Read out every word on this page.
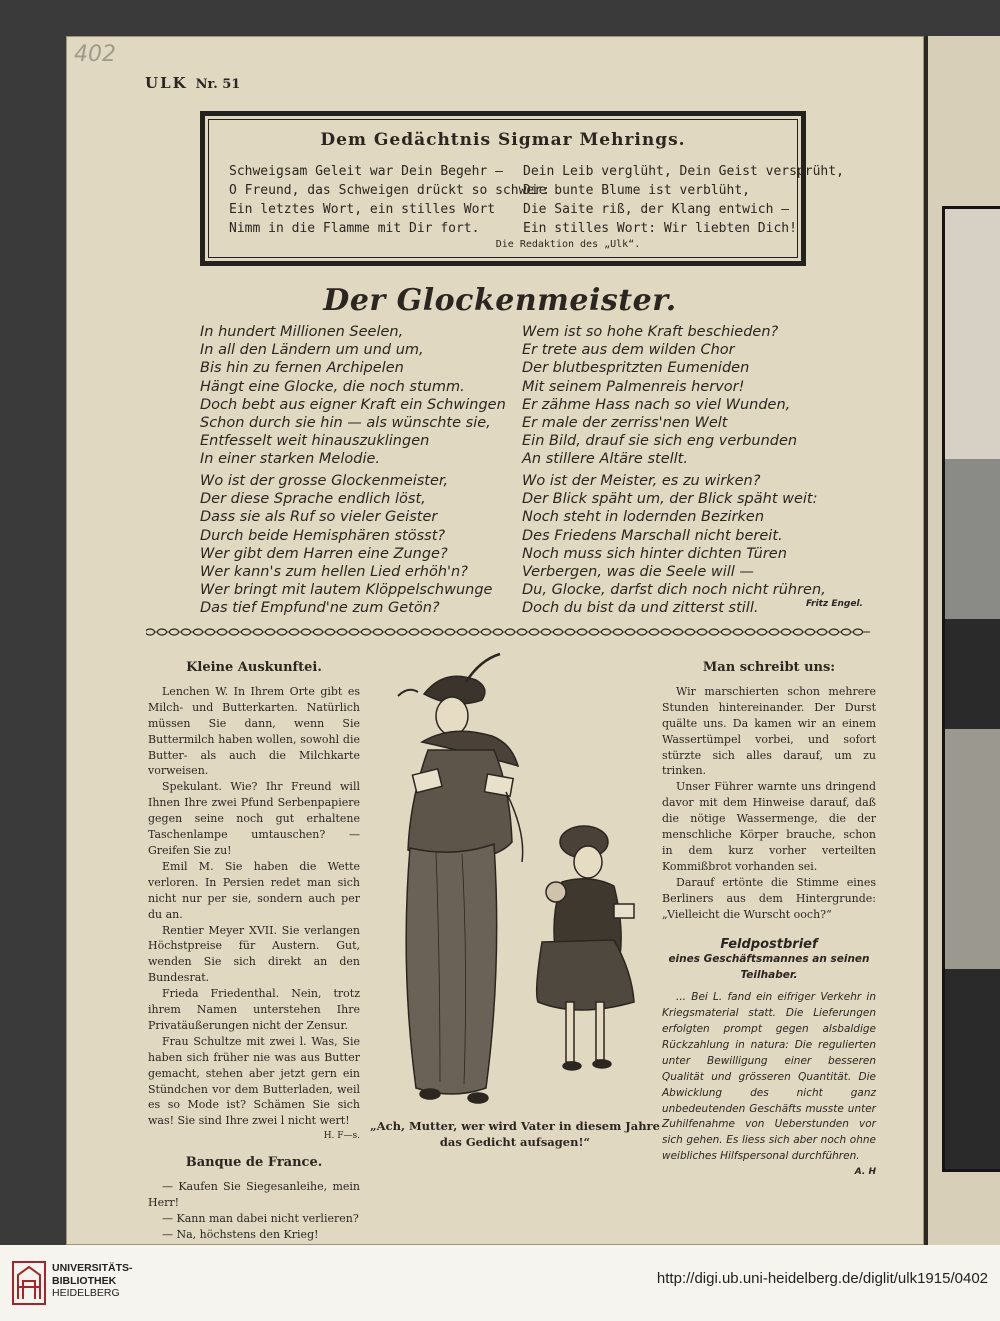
402
ULK Nr. 51
Dem Gedächtnis Sigmar Mehrings.
Schweigsam Geleit war Dein Begehr —
O Freund, das Schweigen drückt so schwer:
Ein letztes Wort, ein stilles Wort
Nimm in die Flamme mit Dir fort.
Dein Leib verglüht, Dein Geist versprüht,
Die bunte Blume ist verblüht,
Die Saite riß, der Klang entwich —
Ein stilles Wort: Wir liebten Dich!
Die Redaktion des „Ulk“.
Der Glockenmeister.
In hundert Millionen Seelen,
In all den Ländern um und um,
Bis hin zu fernen Archipelen
Hängt eine Glocke, die noch stumm.
Doch bebt aus eigner Kraft ein Schwingen
Schon durch sie hin — als wünschte sie,
Entfesselt weit hinauszuklingen
In einer starken Melodie.
Wem ist so hohe Kraft beschieden?
Er trete aus dem wilden Chor
Der blutbespritzten Eumeniden
Mit seinem Palmenreis hervor!
Er zähme Hass nach so viel Wunden,
Er male der zerriss'nen Welt
Ein Bild, drauf sie sich eng verbunden
An stillere Altäre stellt.
Wo ist der grosse Glockenmeister,
Der diese Sprache endlich löst,
Dass sie als Ruf so vieler Geister
Durch beide Hemisphären stösst?
Wer gibt dem Harren eine Zunge?
Wer kann's zum hellen Lied erhöh'n?
Wer bringt mit lautem Klöppelschwunge
Das tief Empfund'ne zum Getön?
Wo ist der Meister, es zu wirken?
Der Blick späht um, der Blick späht weit:
Noch steht in lodernden Bezirken
Des Friedens Marschall nicht bereit.
Noch muss sich hinter dichten Türen
Verbergen, was die Seele will —
Du, Glocke, darfst dich noch nicht rühren,
Doch du bist da und zitterst still.	Fritz Engel.
Kleine Auskunftei.

Lenchen W. In Ihrem Orte gibt es Milch- und Butterkarten. Natürlich müssen Sie dann, wenn Sie Buttermilch haben wollen, sowohl die Butter- als auch die Milchkarte vorweisen.

Spekulant. Wie? Ihr Freund will Ihnen Ihre zwei Pfund Serbenpapiere gegen seine noch gut erhaltene Taschenlampe umtauschen? — Greifen Sie zu!

Emil M. Sie haben die Wette verloren. In Persien redet man sich nicht nur per sie, sondern auch per du an.

Rentier Meyer XVII. Sie verlangen Höchstpreise für Austern. Gut, wenden Sie sich direkt an den Bundesrat.

Frieda Friedenthal. Nein, trotz ihrem Namen unterstehen Ihre Privatäußerungen nicht der Zensur.

Frau Schultze mit zwei l. Was, Sie haben sich früher nie was aus Butter gemacht, stehen aber jetzt gern ein Stündchen vor dem Butterladen, weil es so Mode ist? Schämen Sie sich was! Sie sind Ihre zwei l nicht wert!

H. F—s.
Banque de France.

— Kaufen Sie Siegesanleihe, mein Herr!

— Kann man dabei nicht verlieren?

— Na, höchstens den Krieg!

„Ach, Mutter, wer wird Vater in diesem Jahre das Gedicht aufsagen!“
Man schreibt uns:

Wir marschierten schon mehrere Stunden hintereinander. Der Durst quälte uns. Da kamen wir an einem Wassertümpel vorbei, und sofort stürzte sich alles darauf, um zu trinken.

Unser Führer warnte uns dringend davor mit dem Hinweise darauf, daß die nötige Wassermenge, die der menschliche Körper brauche, schon in dem kurz vorher verteilten Kommißbrot vorhanden sei.

Darauf ertönte die Stimme eines Berliners aus dem Hintergrunde: „Vielleicht die Wurscht ooch?“

Feldpostbrief
eines Geschäftsmannes an seinen Teilhaber.

... Bei L. fand ein eifriger Verkehr in Kriegsmaterial statt. Die Lieferungen erfolgten prompt gegen alsbaldige Rückzahlung in natura: Die regulierten unter Bewilligung einer besseren Qualität und grösseren Quantität. Die Abwicklung des nicht ganz unbedeutenden Geschäfts musste unter Zuhilfenahme von Ueberstunden vor sich gehen. Es liess sich aber noch ohne weibliches Hilfspersonal durchführen.

A. H
UNIVERSITÄTS-
BIBLIOTHEK
HEIDELBERG
http://digi.ub.uni-heidelberg.de/diglit/ulk1915/0402
